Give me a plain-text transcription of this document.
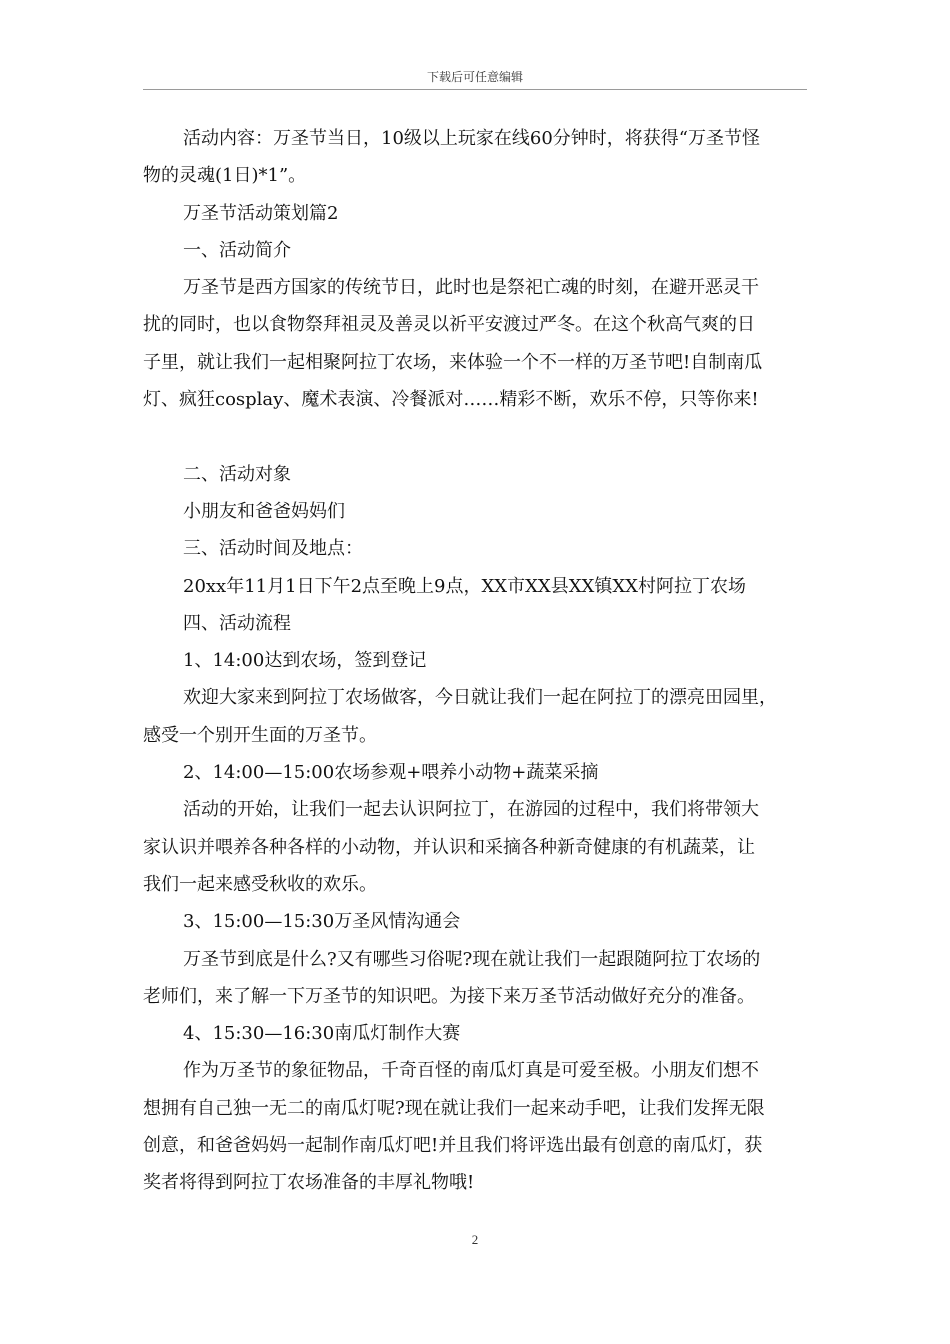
下载后可任意编辑
活动内容：万圣节当日，10级以上玩家在线60分钟时，将获得“万圣节怪
物的灵魂(1日)*1”。
万圣节活动策划篇2
一、活动简介
万圣节是西方国家的传统节日，此时也是祭祀亡魂的时刻，在避开恶灵干
扰的同时，也以食物祭拜祖灵及善灵以祈平安渡过严冬。在这个秋高气爽的日
子里，就让我们一起相聚阿拉丁农场，来体验一个不一样的万圣节吧!自制南瓜
灯、疯狂cosplay、魔术表演、冷餐派对……精彩不断，欢乐不停，只等你来!
二、活动对象
小朋友和爸爸妈妈们
三、活动时间及地点：
20xx年11月1日下午2点至晚上9点，XX市XX县XX镇XX村阿拉丁农场
四、活动流程
1、14:00达到农场，签到登记
欢迎大家来到阿拉丁农场做客，今日就让我们一起在阿拉丁的漂亮田园里，
感受一个别开生面的万圣节。
2、14:00—15:00农场参观+喂养小动物+蔬菜采摘
活动的开始，让我们一起去认识阿拉丁，在游园的过程中，我们将带领大
家认识并喂养各种各样的小动物，并认识和采摘各种新奇健康的有机蔬菜，让
我们一起来感受秋收的欢乐。
3、15:00—15:30万圣风情沟通会
万圣节到底是什么?又有哪些习俗呢?现在就让我们一起跟随阿拉丁农场的
老师们，来了解一下万圣节的知识吧。为接下来万圣节活动做好充分的准备。
4、15:30—16:30南瓜灯制作大赛
作为万圣节的象征物品，千奇百怪的南瓜灯真是可爱至极。小朋友们想不
想拥有自己独一无二的南瓜灯呢?现在就让我们一起来动手吧，让我们发挥无限
创意，和爸爸妈妈一起制作南瓜灯吧!并且我们将评选出最有创意的南瓜灯，获
奖者将得到阿拉丁农场准备的丰厚礼物哦!
2
